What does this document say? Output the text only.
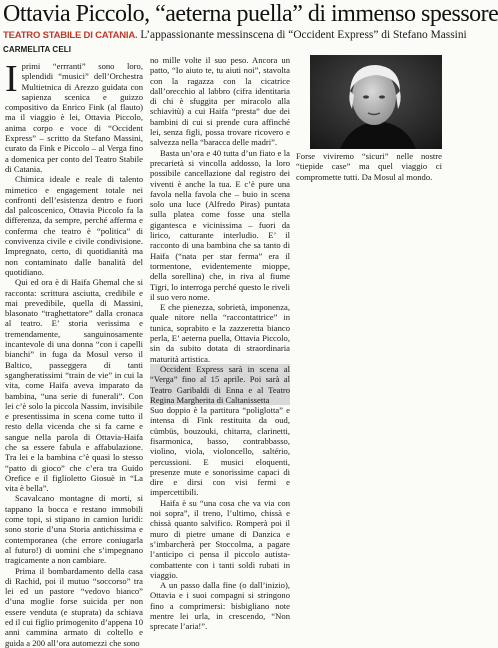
Ottavia Piccolo, “aeterna puella” di immenso spessore
TEATRO STABILE DI CATANIA. L’appassionante messinscena di “Occident Express” di Stefano Massini
CARMELITA CELI
I primi “errranti” sono loro, splendidi “musici” dell’Orchestra Multietnica di Arezzo guidata con sapienza scenica e guizzo compositivo da Enrico Fink (al flauto) ma il viaggio è lei, Ottavia Piccolo, anima corpo e voce di “Occident Express” – scritto da Stefano Massini, curato da Fink e Piccolo – al Verga fino a domenica per conto del Teatro Stabile di Catania.

Chimica ideale e reale di talento mimetico e engagement totale nei confronti dell’esistenza dentro e fuori dal palcoscenico, Ottavia Piccolo fa la differenza, da sempre, perché afferma e conferma che teatro è “politica” di convivenza civile e civile condivisione. Impregnato, certo, di quotidianità ma non contaminato dalle banalità del quotidiano.

Qui ed ora è di Haifa Ghemal che si racconta: scrittura asciutta, credibile e mai prevedibile, quella di Massini, blasonato “traghettatore” dalla cronaca al teatro. E’ storia verissima e tremendamente, sanguinosamente incantevole di una donna “con i capelli bianchi” in fuga da Mosul verso il Baltico, passeggera di tanti sgangheratissimi “train de vie” in cui la vita, come Haifa aveva imparato da bambina, “una serie di funerali”. Con lei c’è solo la piccola Nassim, invisibile e presentissima in scena come tutto il resto della vicenda che si fa carne e sangue nella parola di Ottavia-Haifa che sa essere fabula e affabulazione. Tra lei e la bambina c’è quasi lo stesso “patto di gioco” che c’era tra Guido Orefice e il figlioletto Giosuè in “La vita è bella”.

Scavalcano montagne di morti, si tappano la bocca e restano immobili come topi, si stipano in camion luridi: sono storie d’una Storia antichissima e contemporanea (che errore coniugarla al futuro!) di uomini che s’impegnano tragicamente a non cambiare.

Prima il bombardamento della casa di Rachid, poi il mutuo “soccorso” tra lei ed un pastore “vedovo bianco” d’una moglie forse suicida per non essere venduta (e stuprata) da schiava ed il cui figlio primogenito d’appena 10 anni cammina armato di coltello e guida a 200 all’ora automezzi che sono

no mille volte il suo peso. Ancora un patto, “Io aiuto te, tu aiuti noi”, stavolta con la ragazza con la cicatrice dall’orecchio al labbro (cifra identitaria di chi è sfuggita per miracolo alla schiavitù) a cui Haifa “presta” due dei bambini di cui si prende cura affinché lei, senza figli, possa trovare ricovero e salvezza nella “baracca delle madri”.

Basta un’ora e 40 tutta d’un fiato e la precarietà si vincolla addosso, la loro possibile cancellazione dal registro dei viventi è anche la tua. E c’è pure una favola nella favola che – buio in scena solo una luce (Alfredo Piras) puntata sulla platea come fosse una stella gigantesca e vicinissima – fuori da lirico, catturante interludio. E’ il racconto di una bambina che sa tanto di Haifa (“nata per star ferma” era il tormentone, evidentemente mioppe, della sorellina) che, in riva al fiume Tigri, lo interroga perché questo le riveli il suo vero nome.

E che pienezza, sobrietà, imponenza, quale nitore nella “raccontattrice” in tunica, soprabito e la zazzeretta bianco perla, E’ aeterna puella, Ottavia Piccolo, sin da subito dotata di straordinaria maturità artistica.

Occident Express sarà in scena al “Verga” fino al 15 aprile. Poi sarà al Teatro Garibaldi di Enna e al Teatro Regina Margherita di Caltanissetta

Suo doppio è la partitura “poliglotta” e intensa di Fink restituita da oud, cümbüs, bouzouki, chitarra, clarinetti, fisarmonica, basso, contrabbasso, violino, viola, violoncello, saltério, percussioni. E musici eloquenti, presenze mute e sonorissime capaci di dire e dirsi con visi fermi e impercettibili.

Haifa è su “una cosa che va via con noi sopra”, il treno, l’ultimo, chissà e chissà quanto salvifico. Romperà poi il muro di pietre umane di Danzica e s’imbarcherà per Stoccolma, a pagare l’anticipo ci pensa il piccolo autista-combattente con i tanti soldi rubati in viaggio.

A un passo dalla fine (o dall’inizio), Ottavia e i suoi compagni si stringono fino a comprimersi: bisbigliano note mentre lei urla, in crescendo, “Non sprecate l’aria!”.

Forse viviremo “sicuri” nelle nostre “tiepide case” ma quel viaggio ci compromette tutti. Da Mosul al mondo.
